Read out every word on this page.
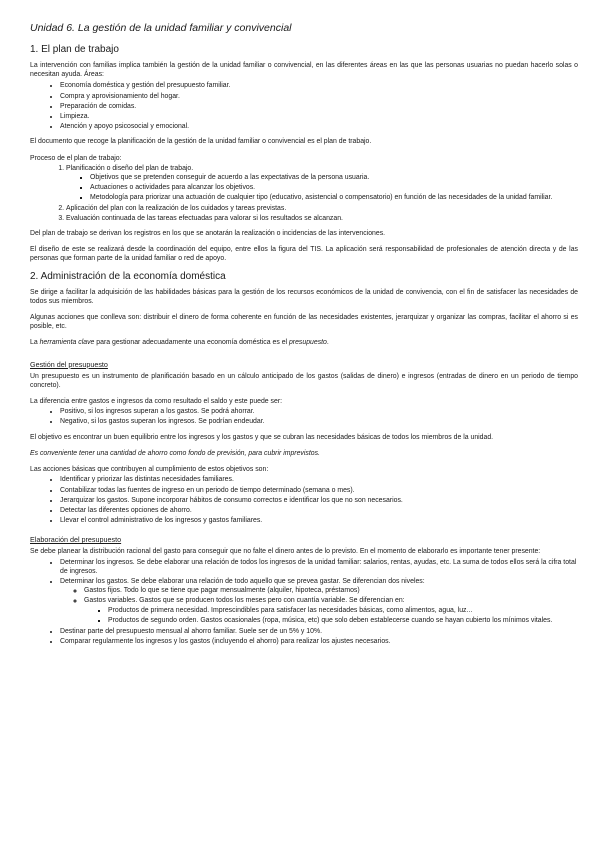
Unidad 6. La gestión de la unidad familiar y convivencial
1. El plan de trabajo

La intervención con familias implica también la gestión de la unidad familiar o convivencial, en las diferentes áreas en las que las personas usuarias no puedan hacerlo solas o necesitan ayuda. Áreas:

• Economía doméstica y gestión del presupuesto familiar.
• Compra y aprovisionamiento del hogar.
• Preparación de comidas.
• Limpieza.
• Atención y apoyo psicosocial y emocional.

El documento que recoge la planificación de la gestión de la unidad familiar o convivencial es el plan de trabajo.

Proceso de el plan de trabajo:

1. Planificación o diseño del plan de trabajo.
▪ Objetivos que se pretenden conseguir de acuerdo a las expectativas de la persona usuaria.
▪ Actuaciones o actividades para alcanzar los objetivos.
▪ Metodología para priorizar una actuación de cualquier tipo (educativo, asistencial o compensatorio) en función de las necesidades de la unidad familiar.
2. Aplicación del plan con la realización de los cuidados y tareas previstas.
3. Evaluación continuada de las tareas efectuadas para valorar si los resultados se alcanzan.

Del plan de trabajo se derivan los registros en los que se anotarán la realización o incidencias de las intervenciones.

El diseño de este se realizará desde la coordinación del equipo, entre ellos la figura del TIS. La aplicación será responsabilidad de profesionales de atención directa y de las personas que forman parte de la unidad familiar o red de apoyo.

2. Administración de la economía doméstica

Se dirige a facilitar la adquisición de las habilidades básicas para la gestión de los recursos económicos de la unidad de convivencia, con el fin de satisfacer las necesidades de todos sus miembros.

Algunas acciones que conlleva son: distribuir el dinero de forma coherente en función de las necesidades existentes, jerarquizar y organizar las compras, facilitar el ahorro si es posible, etc.

La herramienta clave para gestionar adecuadamente una economía doméstica es el presupuesto.

Gestión del presupuesto

Un presupuesto es un instrumento de planificación basado en un cálculo anticipado de los gastos (salidas de dinero) e ingresos (entradas de dinero en un periodo de tiempo concreto).

La diferencia entre gastos e ingresos da como resultado el saldo y este puede ser:

• Positivo, si los ingresos superan a los gastos. Se podrá ahorrar.
• Negativo, si los gastos superan los ingresos. Se podrían endeudar.

El objetivo es encontrar un buen equilibrio entre los ingresos y los gastos y que se cubran las necesidades básicas de todos los miembros de la unidad.

Es conveniente tener una cantidad de ahorro como fondo de previsión, para cubrir imprevistos.

Las acciones básicas que contribuyen al cumplimiento de estos objetivos son:

• Identificar y priorizar las distintas necesidades familiares.
• Contabilizar todas las fuentes de ingreso en un periodo de tiempo determinado (semana o mes).
• Jerarquizar los gastos. Supone incorporar hábitos de consumo correctos e identificar los que no son necesarios.
• Detectar las diferentes opciones de ahorro.
• Llevar el control administrativo de los ingresos y gastos familiares.
Elaboración del presupuesto

Se debe planear la distribución racional del gasto para conseguir que no falte el dinero antes de lo previsto. En el momento de elaborarlo es importante tener presente:

• Determinar los ingresos. Se debe elaborar una relación de todos los ingresos de la unidad familiar: salarios, rentas, ayudas, etc. La suma de todos ellos será la cifra total de ingresos.
• Determinar los gastos. Se debe elaborar una relación de todo aquello que se prevea gastar. Se diferencian dos niveles:
◦ Gastos fijos. Todo lo que se tiene que pagar mensualmente (alquiler, hipoteca, préstamos)
◦ Gastos variables. Gastos que se producen todos los meses pero con cuantía variable. Se diferencian en:
▪ Productos de primera necesidad. Imprescindibles para satisfacer las necesidades básicas, como alimentos, agua, luz...
▪ Productos de segundo orden. Gastos ocasionales (ropa, música, etc) que solo deben establecerse cuando se hayan cubierto los mínimos vitales.
• Destinar parte del presupuesto mensual al ahorro familiar. Suele ser de un 5% y 10%.
• Comparar regularmente los ingresos y los gastos (incluyendo el ahorro) para realizar los ajustes necesarios.
